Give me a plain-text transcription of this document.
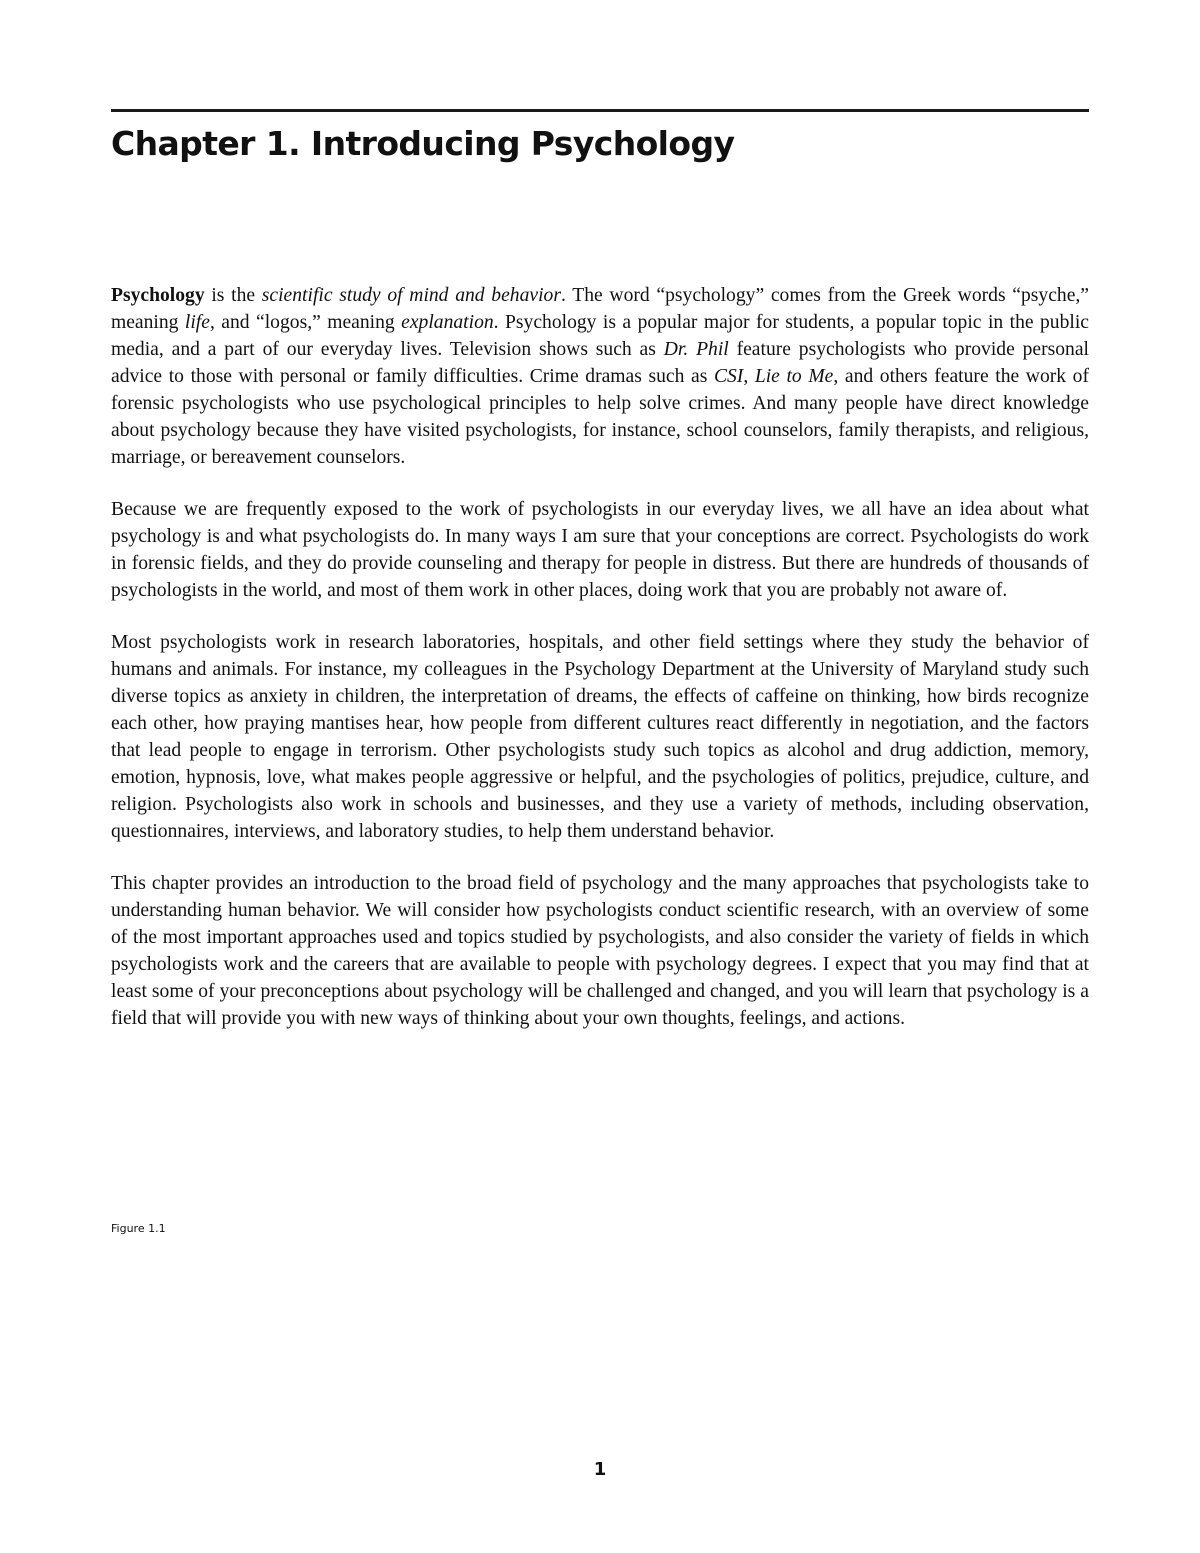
Chapter 1. Introducing Psychology

Psychology is the scientific study of mind and behavior. The word “psychology” comes from the Greek words “psyche,” meaning life, and “logos,” meaning explanation. Psychology is a popular major for students, a popular topic in the public media, and a part of our everyday lives. Television shows such as Dr. Phil feature psychologists who provide personal advice to those with personal or family difficulties. Crime dramas such as CSI, Lie to Me, and others feature the work of forensic psychologists who use psychological principles to help solve crimes. And many people have direct knowledge about psychology because they have visited psychologists, for instance, school counselors, family therapists, and religious, marriage, or bereavement counselors.

Because we are frequently exposed to the work of psychologists in our everyday lives, we all have an idea about what psychology is and what psychologists do. In many ways I am sure that your conceptions are correct. Psychologists do work in forensic fields, and they do provide counseling and therapy for people in distress. But there are hundreds of thousands of psychologists in the world, and most of them work in other places, doing work that you are probably not aware of.

Most psychologists work in research laboratories, hospitals, and other field settings where they study the behavior of humans and animals. For instance, my colleagues in the Psychology Department at the University of Maryland study such diverse topics as anxiety in children, the interpretation of dreams, the effects of caffeine on thinking, how birds recognize each other, how praying mantises hear, how people from different cultures react differently in negotiation, and the factors that lead people to engage in terrorism. Other psychologists study such topics as alcohol and drug addiction, memory, emotion, hypnosis, love, what makes people aggressive or helpful, and the psychologies of politics, prejudice, culture, and religion. Psychologists also work in schools and businesses, and they use a variety of methods, including observation, questionnaires, interviews, and laboratory studies, to help them understand behavior.

This chapter provides an introduction to the broad field of psychology and the many approaches that psychologists take to understanding human behavior. We will consider how psychologists conduct scientific research, with an overview of some of the most important approaches used and topics studied by psychologists, and also consider the variety of fields in which psychologists work and the careers that are available to people with psychology degrees. I expect that you may find that at least some of your preconceptions about psychology will be challenged and changed, and you will learn that psychology is a field that will provide you with new ways of thinking about your own thoughts, feelings, and actions.

Figure 1.1
1
